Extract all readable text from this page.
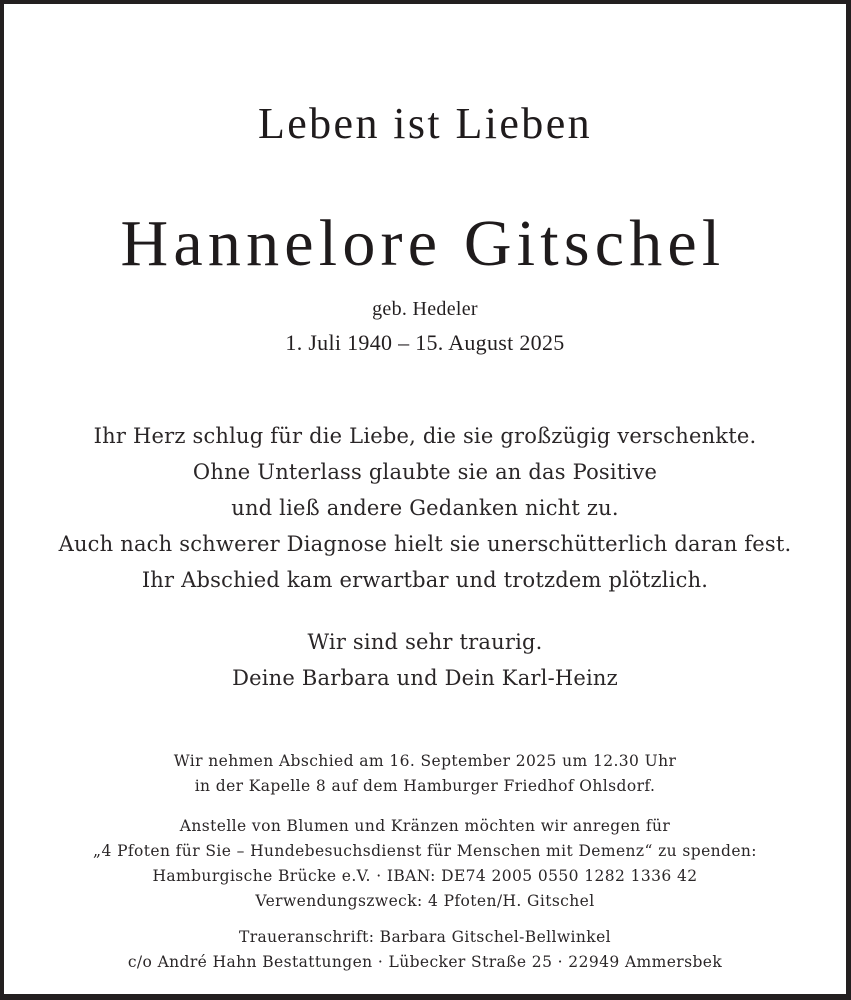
Leben ist Lieben
Hannelore Gitschel
geb. Hedeler
1. Juli 1940 – 15. August 2025
Ihr Herz schlug für die Liebe, die sie großzügig verschenkte.
Ohne Unterlass glaubte sie an das Positive
und ließ andere Gedanken nicht zu.
Auch nach schwerer Diagnose hielt sie unerschütterlich daran fest.
Ihr Abschied kam erwartbar und trotzdem plötzlich.
Wir sind sehr traurig.
Deine Barbara und Dein Karl-Heinz
Wir nehmen Abschied am 16. September 2025 um 12.30 Uhr
in der Kapelle 8 auf dem Hamburger Friedhof Ohlsdorf.
Anstelle von Blumen und Kränzen möchten wir anregen für
„4 Pfoten für Sie – Hundebesuchsdienst für Menschen mit Demenz“ zu spenden:
Hamburgische Brücke e.V. · IBAN: DE74 2005 0550 1282 1336 42
Verwendungszweck: 4 Pfoten/H. Gitschel
Traueranschrift: Barbara Gitschel-Bellwinkel
c/o André Hahn Bestattungen · Lübecker Straße 25 · 22949 Ammersbek
